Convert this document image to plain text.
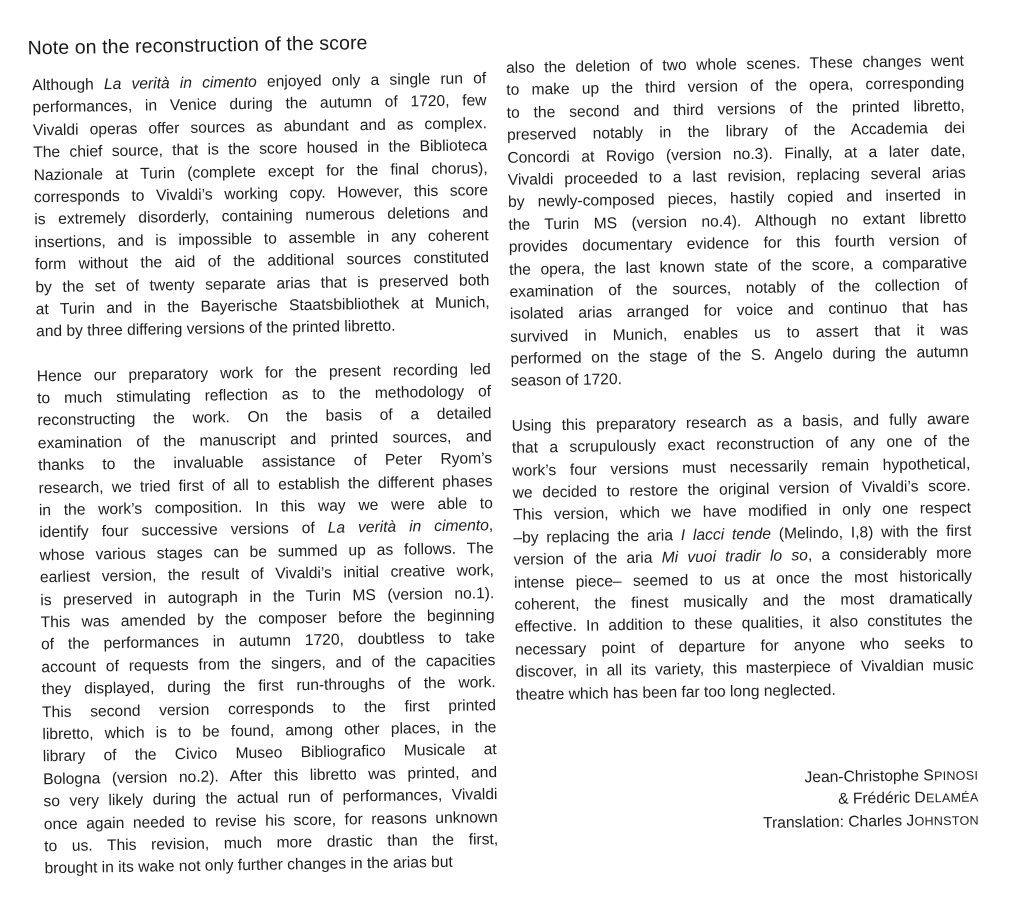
Note on the reconstruction of the score

Although La verità in cimento enjoyed only a single run of
performances, in Venice during the autumn of 1720, few
Vivaldi operas offer sources as abundant and as complex.
The chief source, that is the score housed in the Biblioteca
Nazionale at Turin (complete except for the final chorus),
corresponds to Vivaldi’s working copy. However, this score
is extremely disorderly, containing numerous deletions and
insertions, and is impossible to assemble in any coherent
form without the aid of the additional sources constituted
by the set of twenty separate arias that is preserved both
at Turin and in the Bayerische Staatsbibliothek at Munich,
and by three differing versions of the printed libretto.

Hence our preparatory work for the present recording led
to much stimulating reflection as to the methodology of
reconstructing the work. On the basis of a detailed
examination of the manuscript and printed sources, and
thanks to the invaluable assistance of Peter Ryom’s
research, we tried first of all to establish the different phases
in the work’s composition. In this way we were able to
identify four successive versions of La verità in cimento,
whose various stages can be summed up as follows. The
earliest version, the result of Vivaldi’s initial creative work,
is preserved in autograph in the Turin MS (version no.1).
This was amended by the composer before the beginning
of the performances in autumn 1720, doubtless to take
account of requests from the singers, and of the capacities
they displayed, during the first run-throughs of the work.
This second version corresponds to the first printed
libretto, which is to be found, among other places, in the
library of the Civico Museo Bibliografico Musicale at
Bologna (version no.2). After this libretto was printed, and
so very likely during the actual run of performances, Vivaldi
once again needed to revise his score, for reasons unknown
to us. This revision, much more drastic than the first,
brought in its wake not only further changes in the arias but

also the deletion of two whole scenes. These changes went
to make up the third version of the opera, corresponding
to the second and third versions of the printed libretto,
preserved notably in the library of the Accademia dei
Concordi at Rovigo (version no.3). Finally, at a later date,
Vivaldi proceeded to a last revision, replacing several arias
by newly-composed pieces, hastily copied and inserted in
the Turin MS (version no.4). Although no extant libretto
provides documentary evidence for this fourth version of
the opera, the last known state of the score, a comparative
examination of the sources, notably of the collection of
isolated arias arranged for voice and continuo that has
survived in Munich, enables us to assert that it was
performed on the stage of the S. Angelo during the autumn
season of 1720.

Using this preparatory research as a basis, and fully aware
that a scrupulously exact reconstruction of any one of the
work’s four versions must necessarily remain hypothetical,
we decided to restore the original version of Vivaldi’s score.
This version, which we have modified in only one respect
–by replacing the aria I lacci tende (Melindo, I,8) with the first
version of the aria Mi vuoi tradir lo so, a considerably more
intense piece– seemed to us at once the most historically
coherent, the finest musically and the most dramatically
effective. In addition to these qualities, it also constitutes the
necessary point of departure for anyone who seeks to
discover, in all its variety, this masterpiece of Vivaldian music
theatre which has been far too long neglected.

Jean-Christophe SPINOSI
& Frédéric DELAMÉA
Translation: Charles JOHNSTON
